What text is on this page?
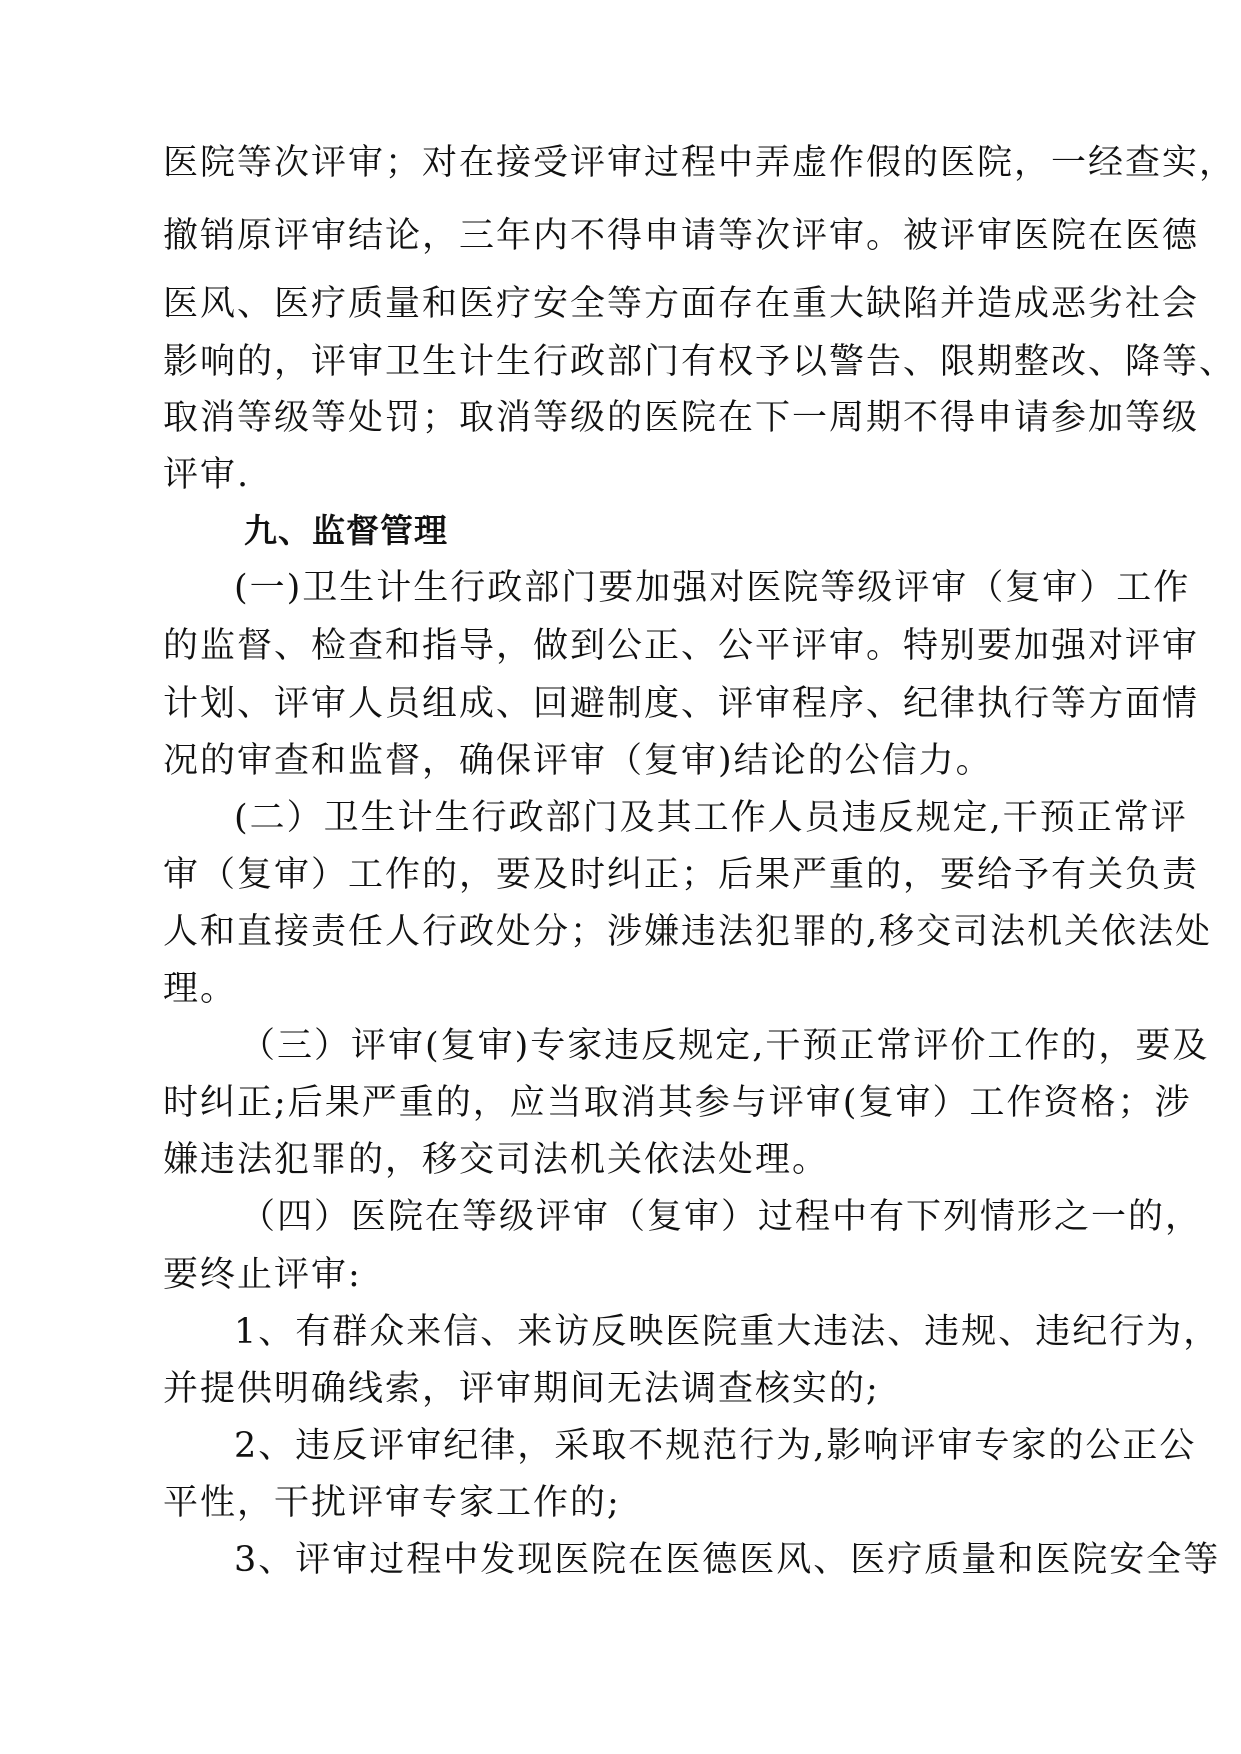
医院等次评审；对在接受评审过程中弄虚作假的医院，一经查实，
撤销原评审结论，三年内不得申请等次评审。被评审医院在医德
医风、医疗质量和医疗安全等方面存在重大缺陷并造成恶劣社会
影响的，评审卫生计生行政部门有权予以警告、限期整改、降等、
取消等级等处罚；取消等级的医院在下一周期不得申请参加等级
评审.
九、监督管理
(一)卫生计生行政部门要加强对医院等级评审（复审）工作
的监督、检查和指导，做到公正、公平评审。特别要加强对评审
计划、评审人员组成、回避制度、评审程序、纪律执行等方面情
况的审查和监督，确保评审（复审)结论的公信力。
(二）卫生计生行政部门及其工作人员违反规定,干预正常评
审（复审）工作的，要及时纠正；后果严重的，要给予有关负责
人和直接责任人行政处分；涉嫌违法犯罪的,移交司法机关依法处
理。
（三）评审(复审)专家违反规定,干预正常评价工作的，要及
时纠正;后果严重的，应当取消其参与评审(复审）工作资格；涉
嫌违法犯罪的，移交司法机关依法处理。
（四）医院在等级评审（复审）过程中有下列情形之一的，
要终止评审:
1、有群众来信、来访反映医院重大违法、违规、违纪行为，
并提供明确线索，评审期间无法调查核实的;
2、违反评审纪律，采取不规范行为,影响评审专家的公正公
平性，干扰评审专家工作的;
3、评审过程中发现医院在医德医风、医疗质量和医院安全等
